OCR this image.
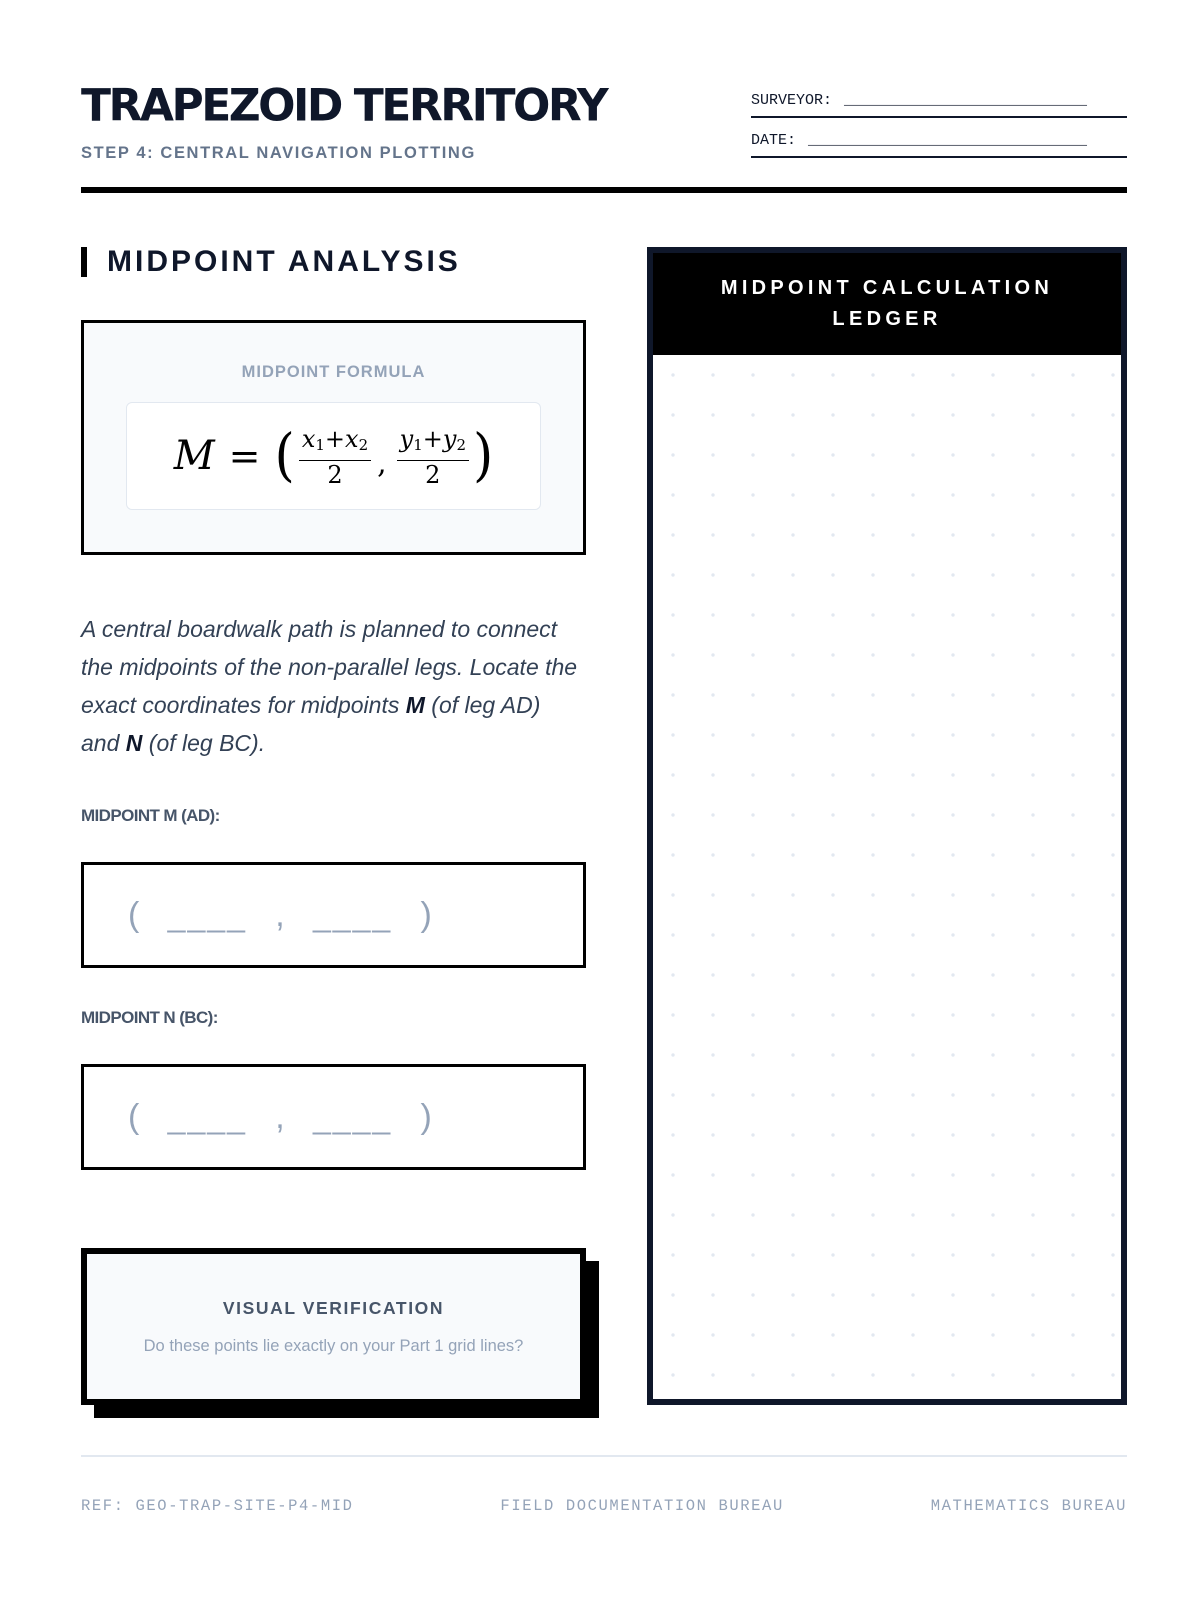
TRAPEZOID TERRITORY
STEP 4: CENTRAL NAVIGATION PLOTTING
SURVEYOR: ___________________________
DATE: _______________________________
MIDPOINT ANALYSIS
MIDPOINT FORMULA
M = ( $\frac{x_1+x_2}{2}$ , $\frac{y_1+y_2}{2}$ )

A central boardwalk path is planned to connect the midpoints of the non-parallel legs. Locate the exact coordinates for midpoints M (of leg AD) and N (of leg BC).

MIDPOINT M (AD):
( ____ , ____ )
MIDPOINT N (BC):
( ____ , ____ )
VISUAL VERIFICATION
Do these points lie exactly on your Part 1 grid lines?
MIDPOINT CALCULATION LEDGER
REF: GEO-TRAP-SITE-P4-MID	FIELD DOCUMENTATION BUREAU	MATHEMATICS BUREAU
